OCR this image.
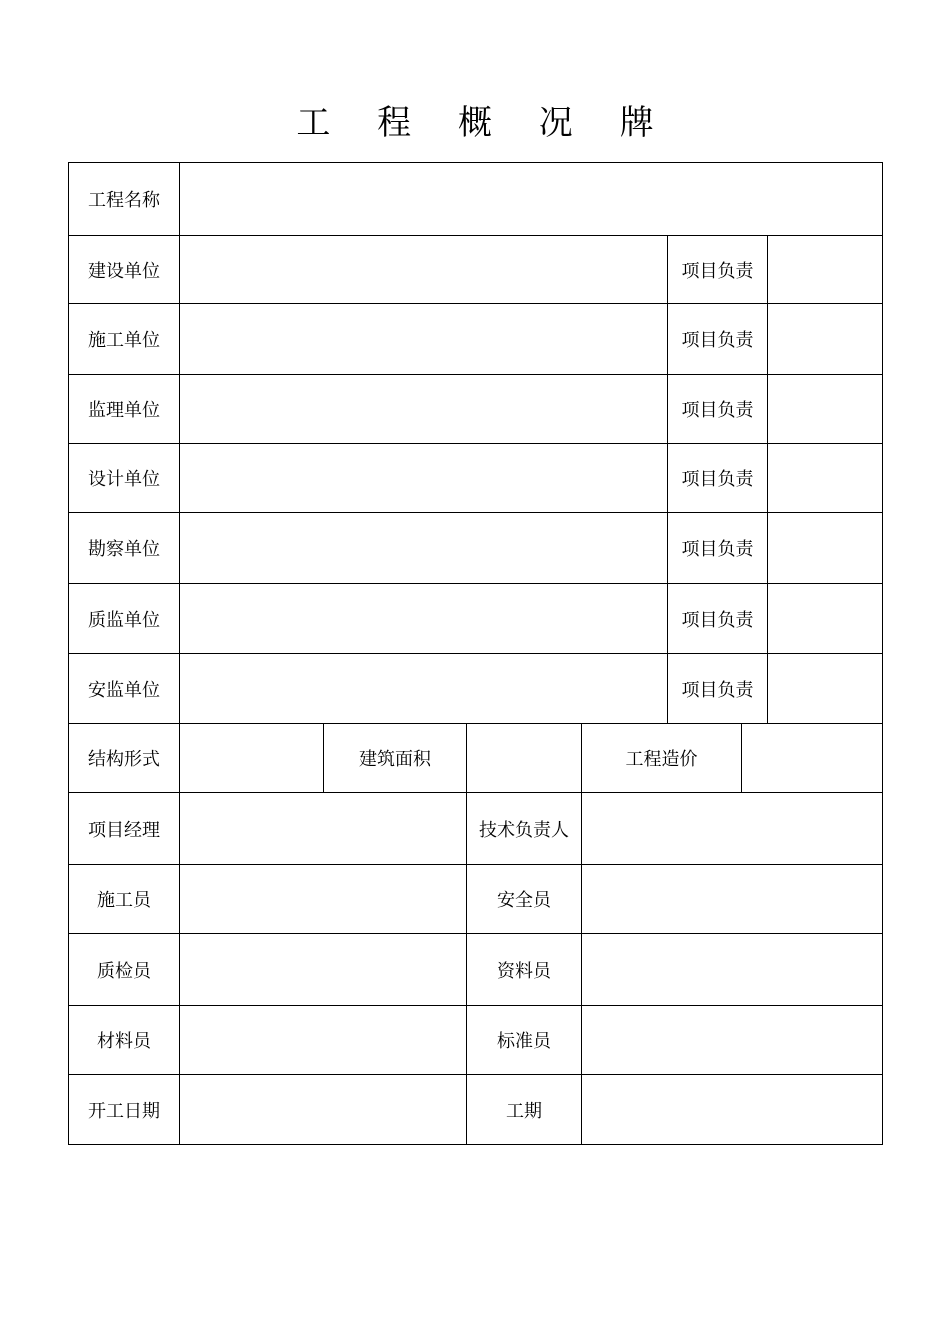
工 程 概 况 牌
工程名称
建设单位	项目负责
施工单位	项目负责
监理单位	项目负责
设计单位	项目负责
勘察单位	项目负责
质监单位	项目负责
安监单位	项目负责
结构形式	建筑面积	工程造价
项目经理	技术负责人
施工员	安全员
质检员	资料员
材料员	标准员
开工日期	工期
